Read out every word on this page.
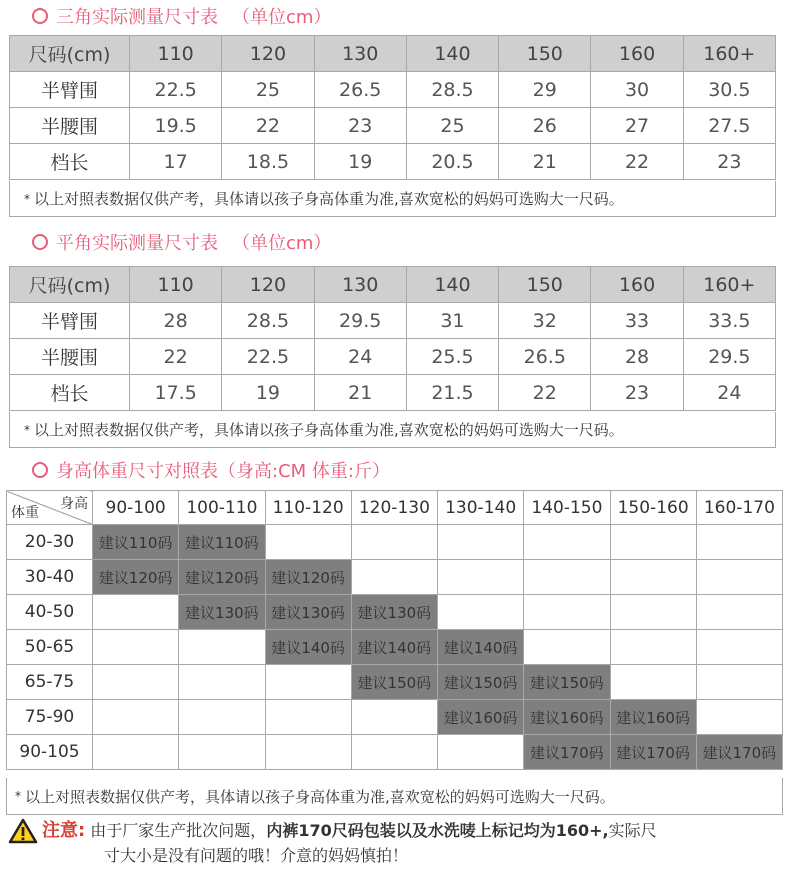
三角实际测量尺寸表 （单位cm）
尺码(cm)	110	120	130	140	150	160	160+
半臂围	22.5	25	26.5	28.5	29	30	30.5
半腰围	19.5	22	23	25	26	27	27.5
档长	17	18.5	19	20.5	21	22	23
* 以上对照表数据仅供产考，具体请以孩子身高体重为准,喜欢宽松的妈妈可选购大一尺码。
平角实际测量尺寸表 （单位cm）
尺码(cm)	110	120	130	140	150	160	160+
半臂围	28	28.5	29.5	31	32	33	33.5
半腰围	22	22.5	24	25.5	26.5	28	29.5
档长	17.5	19	21	21.5	22	23	24
* 以上对照表数据仅供产考，具体请以孩子身高体重为准,喜欢宽松的妈妈可选购大一尺码。
身高体重尺寸对照表（身高:CM 体重:斤）
身高
体重	90-100	100-110	110-120	120-130	130-140	140-150	150-160	160-170
20-30	建议110码	建议110码						
30-40	建议120码	建议120码	建议120码					
40-50		建议130码	建议130码	建议130码				
50-65			建议140码	建议140码	建议140码			
65-75				建议150码	建议150码	建议150码		
75-90					建议160码	建议160码	建议160码	
90-105						建议170码	建议170码	建议170码
* 以上对照表数据仅供产考，具体请以孩子身高体重为准,喜欢宽松的妈妈可选购大一尺码。
注意: 由于厂家生产批次问题，内裤170尺码包装以及水洗唛上标记均为160+,实际尺
寸大小是没有问题的哦！介意的妈妈慎拍！
